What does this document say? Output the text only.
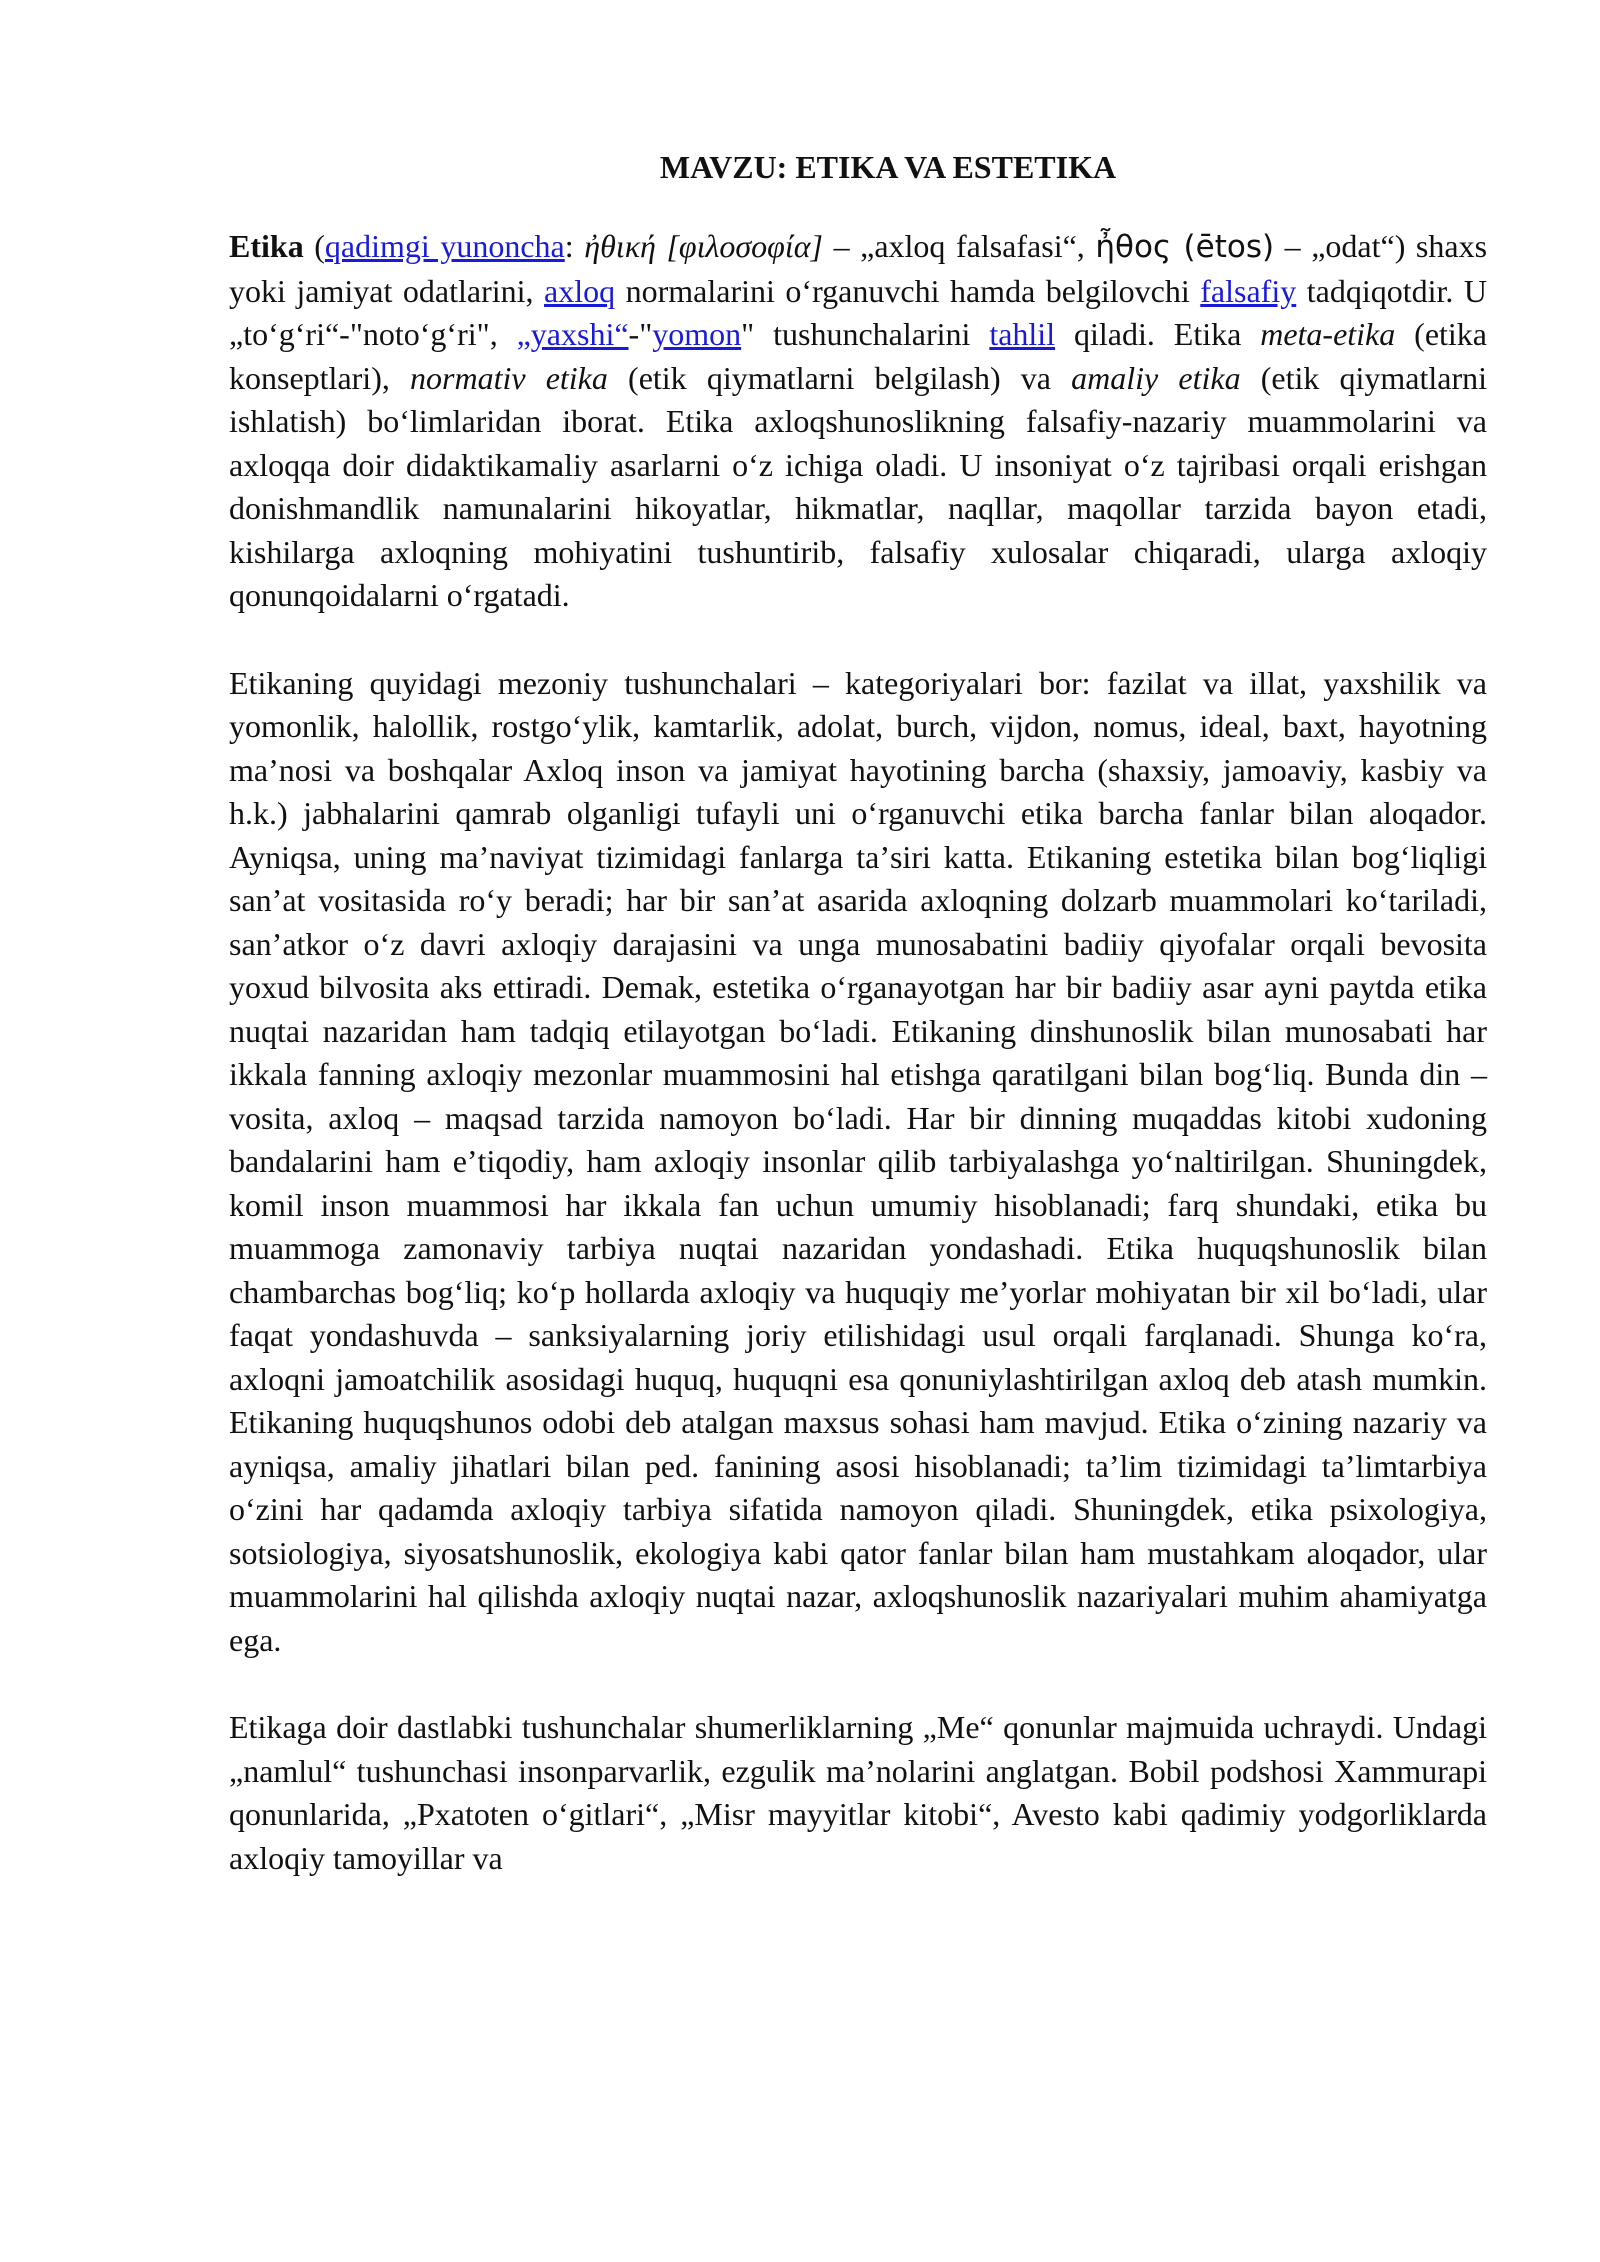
MAVZU: ETIKA VA ESTETIKA
Etika (qadimgi yunoncha: ἠθική [φιλοσοφία] – „axloq falsafasi“, ἦθος (ētos) – „odat“) shaxs yoki jamiyat odatlarini, axloq normalarini oʻrganuvchi hamda belgilovchi falsafiy tadqiqotdir. U „toʻgʻri“-"notoʻgʻri", „yaxshi“-"yomon" tushunchalarini tahlil qiladi. Etika meta-etika (etika konseptlari), normativ etika (etik qiymatlarni belgilash) va amaliy etika (etik qiymatlarni ishlatish) boʻlimlaridan iborat. Etika axloqshunoslikning falsafiy-nazariy muammolarini va axloqqa doir didaktikamaliy asarlarni oʻz ichiga oladi. U insoniyat oʻz tajribasi orqali erishgan donishmandlik namunalarini hikoyatlar, hikmatlar, naqllar, maqollar tarzida bayon etadi, kishilarga axloqning mohiyatini tushuntirib, falsafiy xulosalar chiqaradi, ularga axloqiy qonunqoidalarni oʻrgatadi.
Etikaning quyidagi mezoniy tushunchalari – kategoriyalari bor: fazilat va illat, yaxshilik va yomonlik, halollik, rostgoʻylik, kamtarlik, adolat, burch, vijdon, nomus, ideal, baxt, hayotning maʼnosi va boshqalar Axloq inson va jamiyat hayotining barcha (shaxsiy, jamoaviy, kasbiy va h.k.) jabhalarini qamrab olganligi tufayli uni oʻrganuvchi etika barcha fanlar bilan aloqador. Ayniqsa, uning maʼnaviyat tizimidagi fanlarga taʼsiri katta. Etikaning estetika bilan bogʻliqligi sanʼat vositasida roʻy beradi; har bir sanʼat asarida axloqning dolzarb muammolari koʻtariladi, sanʼatkor oʻz davri axloqiy darajasini va unga munosabatini badiiy qiyofalar orqali bevosita yoxud bilvosita aks ettiradi. Demak, estetika oʻrganayotgan har bir badiiy asar ayni paytda etika nuqtai nazaridan ham tadqiq etilayotgan boʻladi. Etikaning dinshunoslik bilan munosabati har ikkala fanning axloqiy mezonlar muammosini hal etishga qaratilgani bilan bogʻliq. Bunda din – vosita, axloq – maqsad tarzida namoyon boʻladi. Har bir dinning muqaddas kitobi xudoning bandalarini ham eʼtiqodiy, ham axloqiy insonlar qilib tarbiyalashga yoʻnaltirilgan. Shuningdek, komil inson muammosi har ikkala fan uchun umumiy hisoblanadi; farq shundaki, etika bu muammoga zamonaviy tarbiya nuqtai nazaridan yondashadi. Etika huquqshunoslik bilan chambarchas bogʻliq; koʻp hollarda axloqiy va huquqiy meʼyorlar mohiyatan bir xil boʻladi, ular faqat yondashuvda – sanksiyalarning joriy etilishidagi usul orqali farqlanadi. Shunga koʻra, axloqni jamoatchilik asosidagi huquq, huquqni esa qonuniylashtirilgan axloq deb atash mumkin. Etikaning huquqshunos odobi deb atalgan maxsus sohasi ham mavjud. Etika oʻzining nazariy va ayniqsa, amaliy jihatlari bilan ped. fanining asosi hisoblanadi; taʼlim tizimidagi taʼlimtarbiya oʻzini har qadamda axloqiy tarbiya sifatida namoyon qiladi. Shuningdek, etika psixologiya, sotsiologiya, siyosatshunoslik, ekologiya kabi qator fanlar bilan ham mustahkam aloqador, ular muammolarini hal qilishda axloqiy nuqtai nazar, axloqshunoslik nazariyalari muhim ahamiyatga ega.
Etikaga doir dastlabki tushunchalar shumerliklarning „Me“ qonunlar majmuida uchraydi. Undagi „namlul“ tushunchasi insonparvarlik, ezgulik maʼnolarini anglatgan. Bobil podshosi Xammurapi qonunlarida, „Pxatoten oʻgitlari“, „Misr mayyitlar kitobi“, Avesto kabi qadimiy yodgorliklarda axloqiy tamoyillar va
